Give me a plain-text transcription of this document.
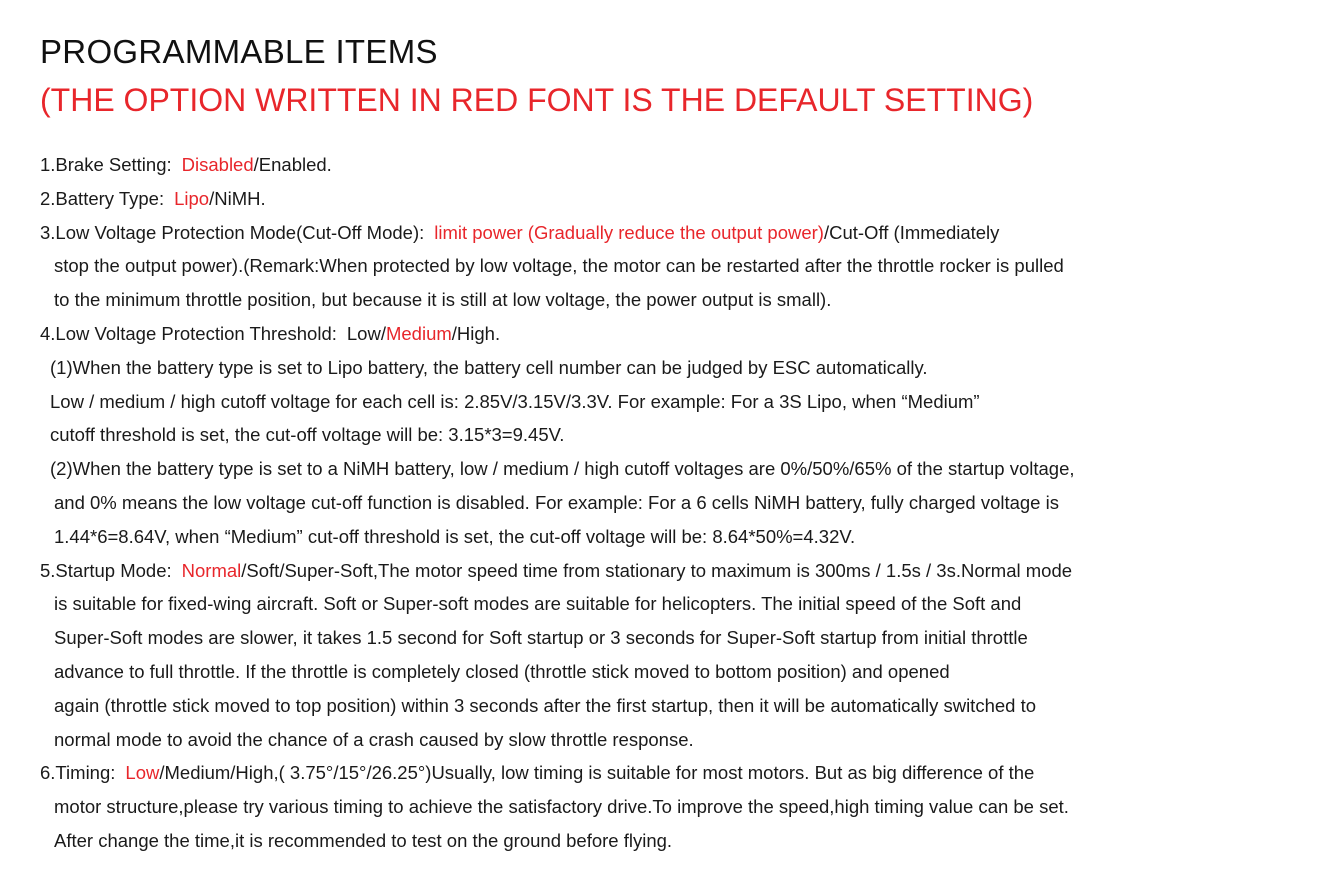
PROGRAMMABLE ITEMS
(THE OPTION WRITTEN IN RED FONT IS THE DEFAULT SETTING)
1.Brake Setting: Disabled/Enabled.
2.Battery Type: Lipo/NiMH.
3.Low Voltage Protection Mode(Cut-Off Mode): limit power (Gradually reduce the output power)/Cut-Off (Immediately
stop the output power).(Remark:When protected by low voltage, the motor can be restarted after the throttle rocker is pulled
to the minimum throttle position, but because it is still at low voltage, the power output is small).
4.Low Voltage Protection Threshold: Low/Medium/High.
(1)When the battery type is set to Lipo battery, the battery cell number can be judged by ESC automatically.
Low / medium / high cutoff voltage for each cell is: 2.85V/3.15V/3.3V. For example: For a 3S Lipo, when “Medium”
cutoff threshold is set, the cut-off voltage will be: 3.15*3=9.45V.
(2)When the battery type is set to a NiMH battery, low / medium / high cutoff voltages are 0%/50%/65% of the startup voltage,
and 0% means the low voltage cut-off function is disabled. For example: For a 6 cells NiMH battery, fully charged voltage is
1.44*6=8.64V, when “Medium” cut-off threshold is set, the cut-off voltage will be: 8.64*50%=4.32V.
5.Startup Mode: Normal/Soft/Super-Soft,The motor speed time from stationary to maximum is 300ms / 1.5s / 3s.Normal mode
is suitable for fixed-wing aircraft. Soft or Super-soft modes are suitable for helicopters. The initial speed of the Soft and
Super-Soft modes are slower, it takes 1.5 second for Soft startup or 3 seconds for Super-Soft startup from initial throttle
advance to full throttle. If the throttle is completely closed (throttle stick moved to bottom position) and opened
again (throttle stick moved to top position) within 3 seconds after the first startup, then it will be automatically switched to
normal mode to avoid the chance of a crash caused by slow throttle response.
6.Timing: Low/Medium/High,( 3.75°/15°/26.25°)Usually, low timing is suitable for most motors. But as big difference of the
motor structure,please try various timing to achieve the satisfactory drive.To improve the speed,high timing value can be set.
After change the time,it is recommended to test on the ground before flying.
